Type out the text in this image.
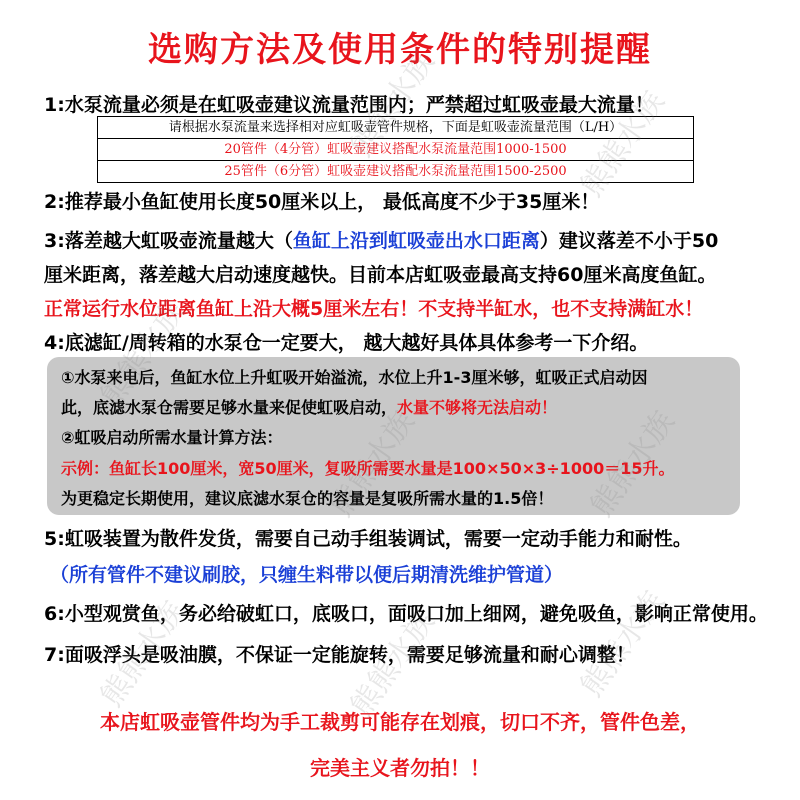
选购方法及使用条件的特别提醒
1:水泵流量必须是在虹吸壶建议流量范围内；严禁超过虹吸壶最大流量！
请根据水泵流量来选择相对应虹吸壶管件规格，下面是虹吸壶流量范围（L/H）
20管件（4分管）虹吸壶建议搭配水泵流量范围1000-1500
25管件（6分管）虹吸壶建议搭配水泵流量范围1500-2500
2:推荐最小鱼缸使用长度50厘米以上， 最低高度不少于35厘米！
3:落差越大虹吸壶流量越大（鱼缸上沿到虹吸壶出水口距离）建议落差不小于50
厘米距离，落差越大启动速度越快。目前本店虹吸壶最高支持60厘米高度鱼缸。
正常运行水位距离鱼缸上沿大概5厘米左右！不支持半缸水，也不支持满缸水！
4:底滤缸/周转箱的水泵仓一定要大， 越大越好具体具体参考一下介绍。
①水泵来电后，鱼缸水位上升虹吸开始溢流，水位上升1-3厘米够，虹吸正式启动因
此，底滤水泵仓需要足够水量来促使虹吸启动，水量不够将无法启动！
②虹吸启动所需水量计算方法：
示例：鱼缸长100厘米，宽50厘米，复吸所需要水量是100×50×3÷1000＝15升。
为更稳定长期使用，建议底滤水泵仓的容量是复吸所需水量的1.5倍！
5:虹吸装置为散件发货，需要自己动手组装调试，需要一定动手能力和耐性。
（所有管件不建议刷胶，只缠生料带以便后期清洗维护管道）
6:小型观赏鱼，务必给破虹口，底吸口，面吸口加上细网，避免吸鱼，影响正常使用。
7:面吸浮头是吸油膜，不保证一定能旋转，需要足够流量和耐心调整！
本店虹吸壶管件均为手工裁剪可能存在划痕，切口不齐，管件色差，
完美主义者勿拍！！
熊熊水族	熊熊水族
熊熊水族
熊熊水族	熊熊水族	熊熊水族
